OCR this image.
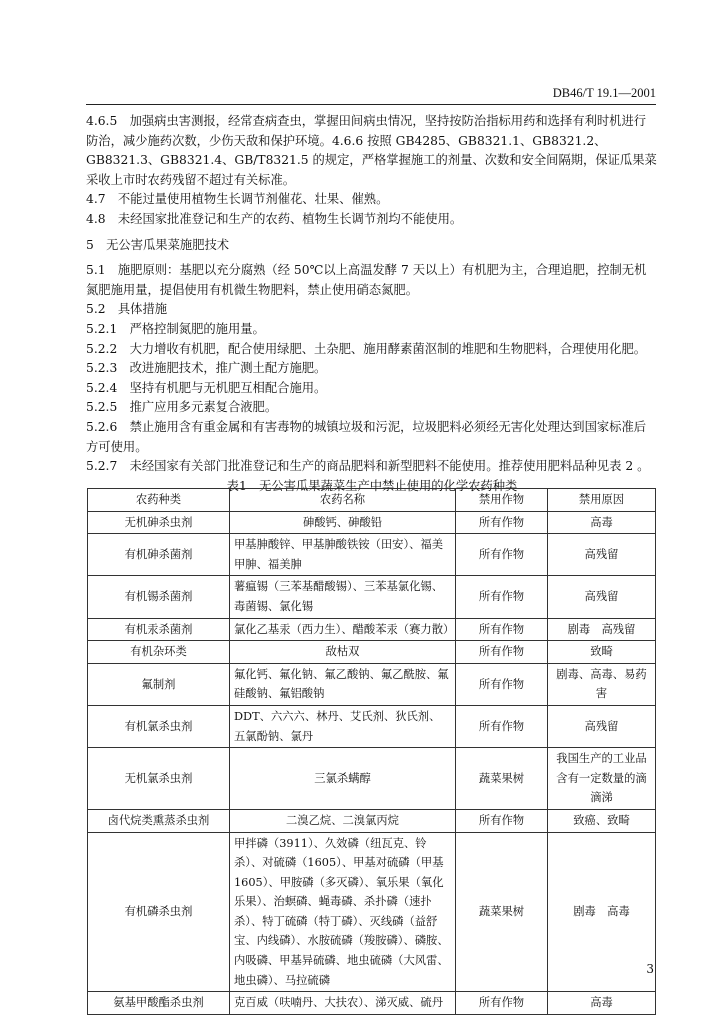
DB46/T 19.1—2001

4.6.5　加强病虫害测报，经常查病查虫，掌握田间病虫情况，坚持按防治指标用药和选择有利时机进行防治，减少施药次数，少伤天敌和保护环境。4.6.6 按照 GB4285、GB8321.1、GB8321.2、GB8321.3、GB8321.4、GB/T8321.5 的规定，严格掌握施工的剂量、次数和安全间隔期，保证瓜果菜采收上市时农药残留不超过有关标准。

4.7　不能过量使用植物生长调节剂催花、壮果、催熟。

4.8　未经国家批准登记和生产的农药、植物生长调节剂均不能使用。

5　无公害瓜果菜施肥技术

5.1　施肥原则：基肥以充分腐熟（经 50℃以上高温发酵 7 天以上）有机肥为主，合理追肥，控制无机氮肥施用量，提倡使用有机微生物肥料，禁止使用硝态氮肥。

5.2　具体措施

5.2.1　严格控制氮肥的施用量。

5.2.2　大力增收有机肥，配合使用绿肥、土杂肥、施用酵素菌沤制的堆肥和生物肥料，合理使用化肥。

5.2.3　改进施肥技术，推广测土配方施肥。

5.2.4　坚持有机肥与无机肥互相配合施用。

5.2.5　推广应用多元素复合液肥。

5.2.6　禁止施用含有重金属和有害毒物的城镇垃圾和污泥，垃圾肥料必须经无害化处理达到国家标准后方可使用。

5.2.7　未经国家有关部门批准登记和生产的商品肥料和新型肥料不能使用。推荐使用肥料品种见表 2 。

表1　无公害瓜果蔬菜生产中禁止使用的化学农药种类
农药种类	农药名称	禁用作物	禁用原因
无机砷杀虫剂	砷酸钙、砷酸铅	所有作物	高毒
有机砷杀菌剂	甲基胂酸锌、甲基胂酸铁铵（田安）、福美甲胂、福美胂	所有作物	高残留
有机锡杀菌剂	薯瘟锡（三苯基醋酸锡）、三苯基氯化锡、毒菌锡、氯化锡	所有作物	高残留
有机汞杀菌剂	氯化乙基汞（西力生）、醋酸苯汞（赛力散）	所有作物	剧毒　高残留
有机杂环类	敌枯双	所有作物	致畸
氟制剂	氟化钙、氟化钠、氟乙酸钠、氟乙酰胺、氟硅酸钠、氟铝酸钠	所有作物	剧毒、高毒、易药害
有机氯杀虫剂	DDT、六六六、林丹、艾氏剂、狄氏剂、五氯酚钠、氯丹	所有作物	高残留
无机氯杀虫剂	三氯杀螨醇	蔬菜果树	我国生产的工业品含有一定数量的滴滴涕
卤代烷类熏蒸杀虫剂	二溴乙烷、二溴氯丙烷	所有作物	致癌、致畸
有机磷杀虫剂	甲拌磷（3911）、久效磷（纽瓦克、铃杀）、对硫磷（1605）、甲基对硫磷（甲基1605）、甲胺磷（多灭磷）、氧乐果（氧化乐果）、治螟磷、蝇毒磷、杀扑磷（速扑杀）、特丁硫磷（特丁磷）、灭线磷（益舒宝、内线磷）、水胺硫磷（羧胺磷）、磷胺、内吸磷、甲基异硫磷、地虫硫磷（大风雷、地虫磷）、马拉硫磷	蔬菜果树	剧毒　高毒
氨基甲酸酯杀虫剂	克百威（呋喃丹、大扶农）、涕灭威、硫丹	所有作物	高毒
3
